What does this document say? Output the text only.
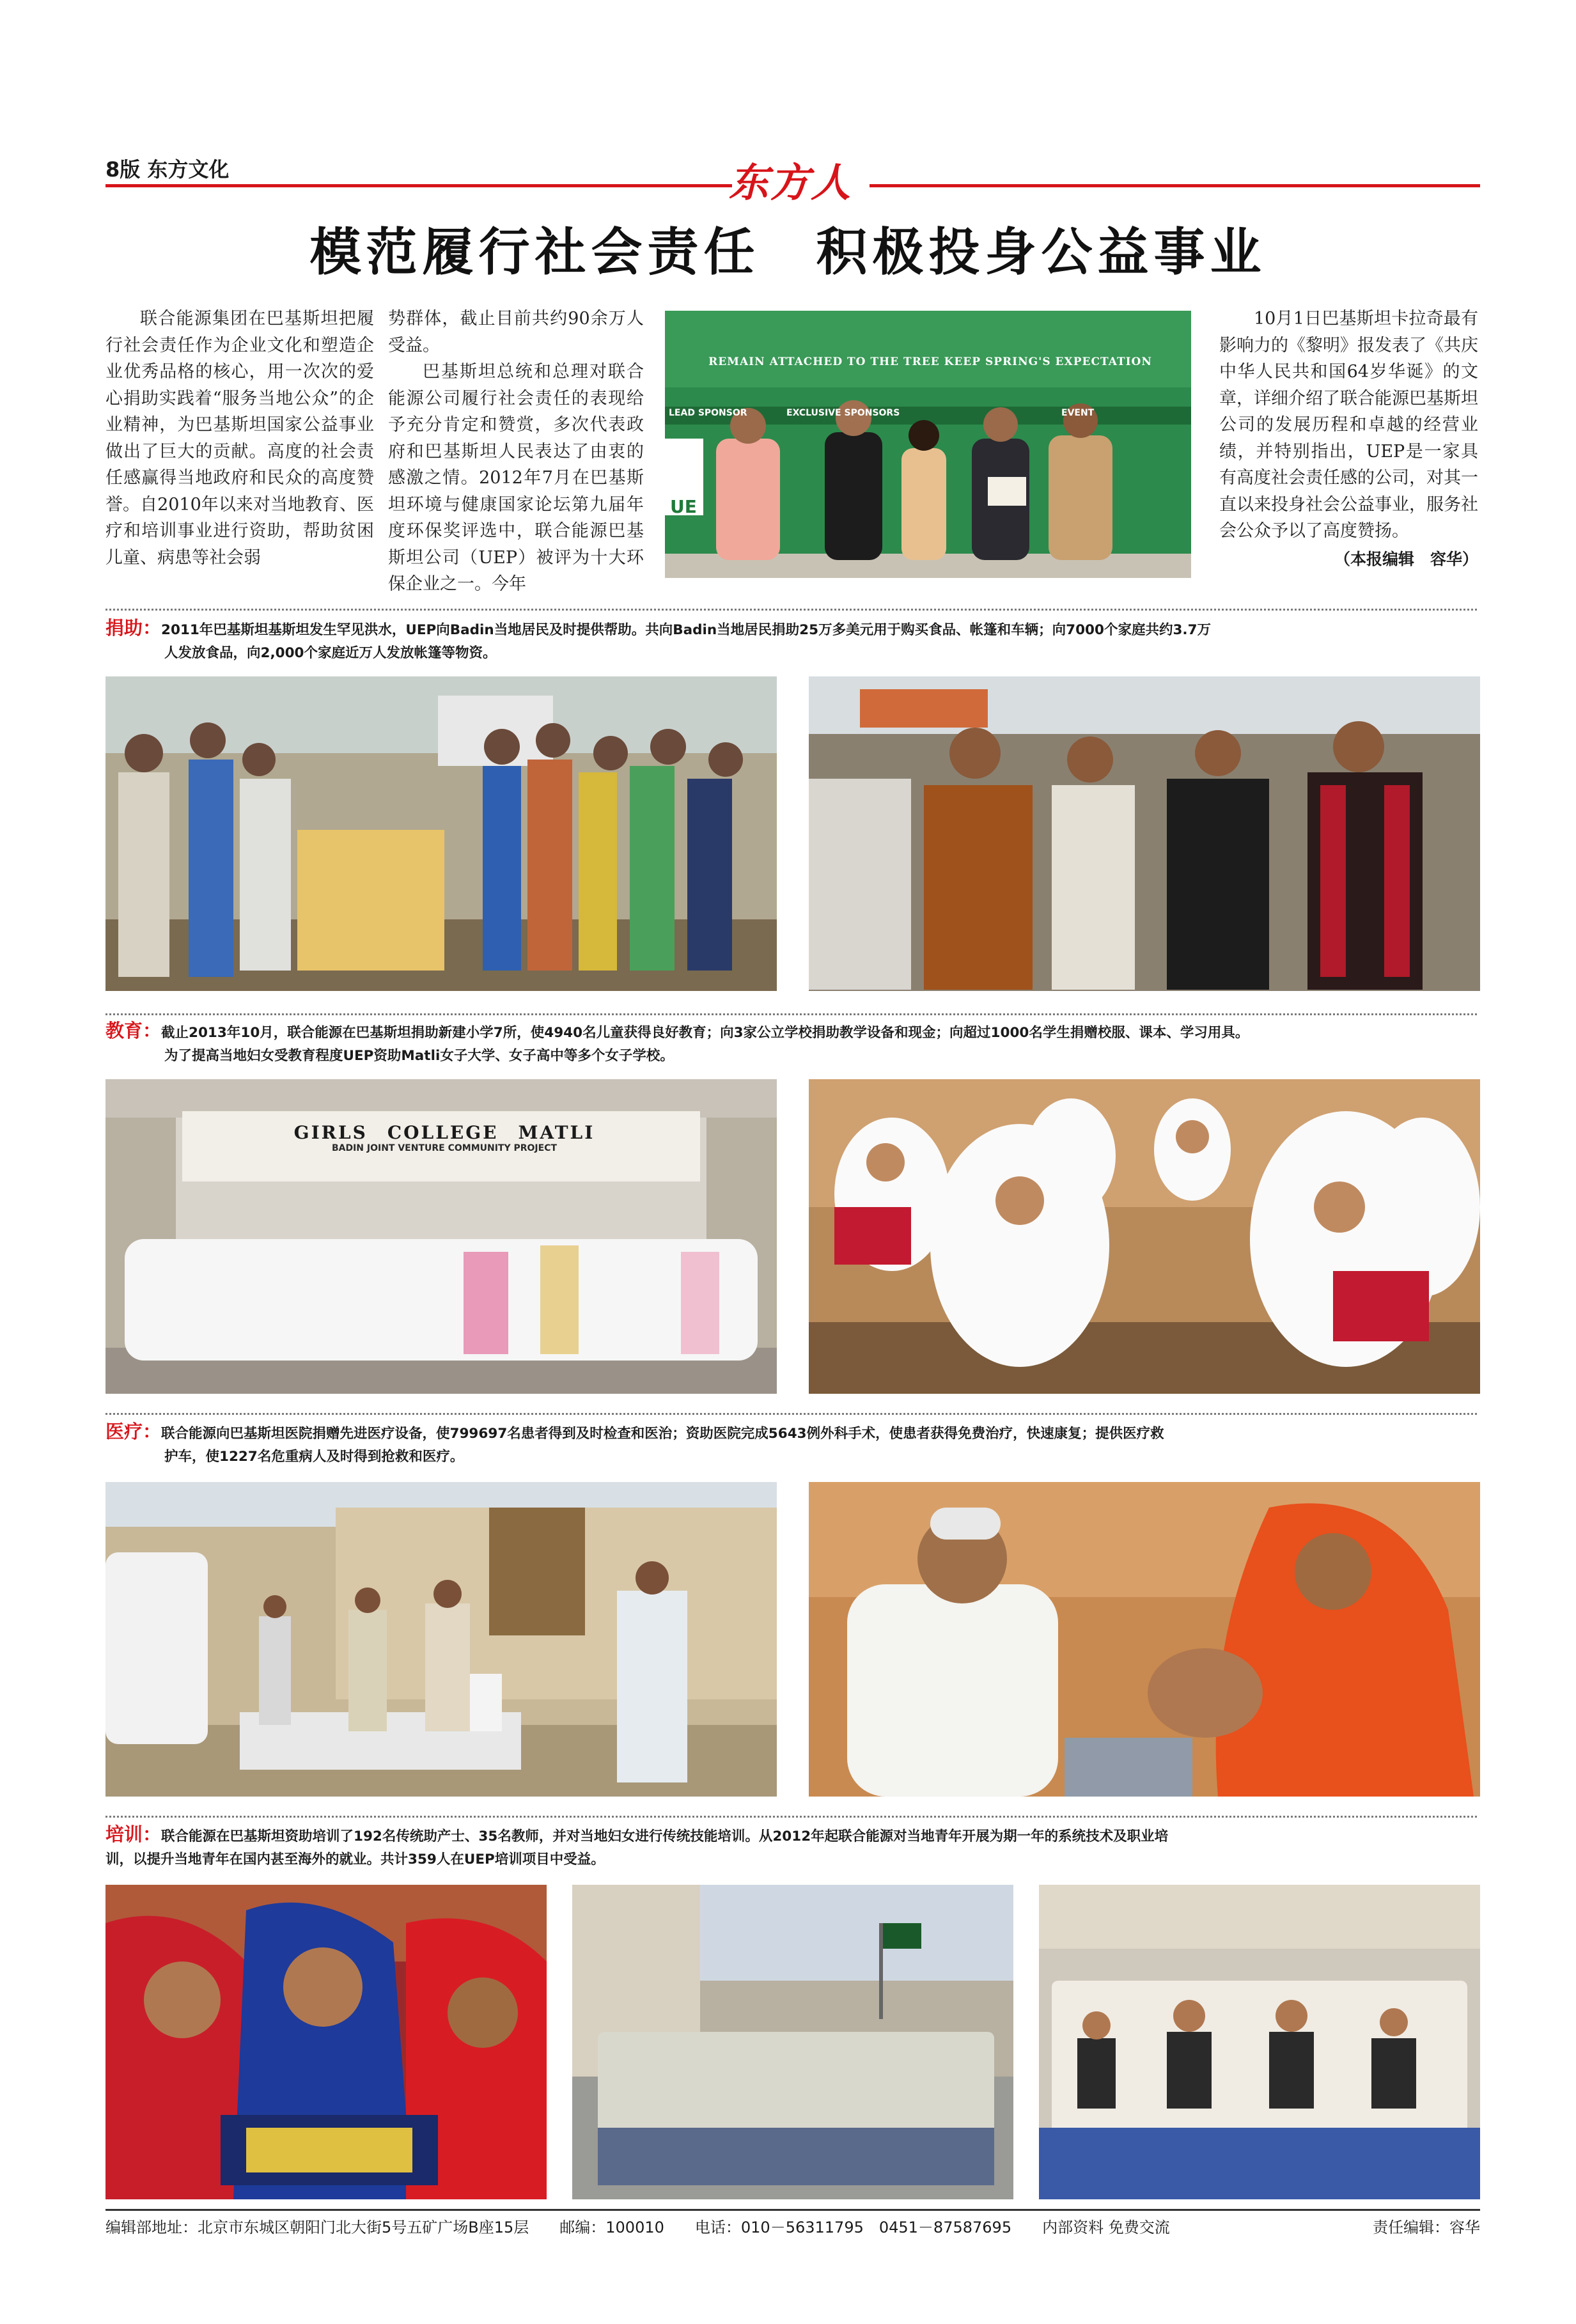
8版 东方文化	东方人
模范履行社会责任　积极投身公益事业

联合能源集团在巴基斯坦把履行社会责任作为企业文化和塑造企业优秀品格的核心，用一次次的爱心捐助实践着“服务当地公众”的企业精神，为巴基斯坦国家公益事业做出了巨大的贡献。高度的社会责任感赢得当地政府和民众的高度赞誉。自2010年以来对当地教育、医疗和培训事业进行资助，帮助贫困儿童、病患等社会弱

势群体，截止目前共约90余万人受益。

巴基斯坦总统和总理对联合能源公司履行社会责任的表现给予充分肯定和赞赏，多次代表政府和巴基斯坦人民表达了由衷的感激之情。2012年7月在巴基斯坦环境与健康国家论坛第九届年度环保奖评选中，联合能源巴基斯坦公司（UEP）被评为十大环保企业之一。今年

REMAIN ATTACHED TO THE TREE KEEP SPRING'S EXPECTATION
LEAD SPONSOR	EXCLUSIVE SPONSORS	EVENT
UE

10月1日巴基斯坦卡拉奇最有影响力的《黎明》报发表了《共庆中华人民共和国64岁华诞》的文章，详细介绍了联合能源巴基斯坦公司的发展历程和卓越的经营业绩，并特别指出，UEP是一家具有高度社会责任感的公司，对其一直以来投身社会公益事业，服务社会公众予以了高度赞扬。

（本报编辑　容华）
捐助：2011年巴基斯坦基斯坦发生罕见洪水，UEP向Badin当地居民及时提供帮助。共向Badin当地居民捐助25万多美元用于购买食品、帐篷和车辆；向7000个家庭共约3.7万
人发放食品，向2,000个家庭近万人发放帐篷等物资。
教育：截止2013年10月，联合能源在巴基斯坦捐助新建小学7所，使4940名儿童获得良好教育；向3家公立学校捐助教学设备和现金；向超过1000名学生捐赠校服、课本、学习用具。
为了提高当地妇女受教育程度UEP资助Matli女子大学、女子高中等多个女子学校。
GIRLS　COLLEGE　MATLI
BADIN JOINT VENTURE COMMUNITY PROJECT
医疗：联合能源向巴基斯坦医院捐赠先进医疗设备，使799697名患者得到及时检查和医治；资助医院完成5643例外科手术，使患者获得免费治疗，快速康复；提供医疗救
护车，使1227名危重病人及时得到抢救和医疗。
培训：联合能源在巴基斯坦资助培训了192名传统助产士、35名教师，并对当地妇女进行传统技能培训。从2012年起联合能源对当地青年开展为期一年的系统技术及职业培
训，以提升当地青年在国内甚至海外的就业。共计359人在UEP培训项目中受益。
编辑部地址：北京市东城区朝阳门北大街5号五矿广场B座15层　　邮编：100010　　电话：010－56311795　0451－87587695　　内部资料 免费交流	责任编辑：容华
